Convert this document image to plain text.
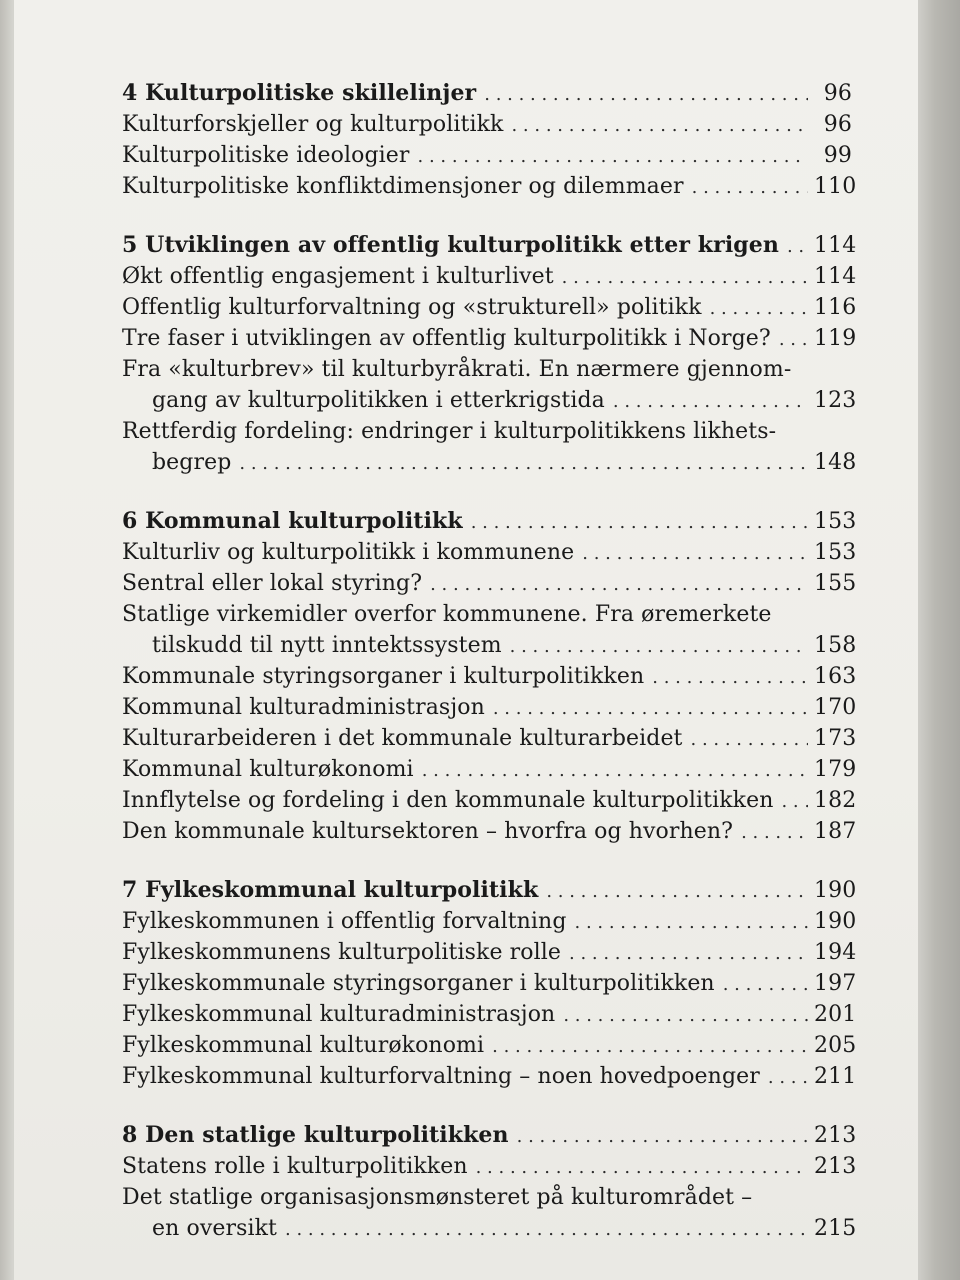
4 Kulturpolitiske skillelinjer . . .	96
Kulturforskjeller og kulturpolitikk . . .	96
Kulturpolitiske ideologier . . .	99
Kulturpolitiske konfliktdimensjoner og dilemmaer . . .	110
5 Utviklingen av offentlig kulturpolitikk etter krigen . . .	114
Økt offentlig engasjement i kulturlivet . . .	114
Offentlig kulturforvaltning og «strukturell» politikk . . .	116
Tre faser i utviklingen av offentlig kulturpolitikk i Norge? . . .	119
Fra «kulturbrev» til kulturbyråkrati. En nærmere gjennom-
gang av kulturpolitikken i etterkrigstida . . .	123
Rettferdig fordeling: endringer i kulturpolitikkens likhets-
begrep . . .	148
6 Kommunal kulturpolitikk . . .	153
Kulturliv og kulturpolitikk i kommunene . . .	153
Sentral eller lokal styring? . . .	155
Statlige virkemidler overfor kommunene. Fra øremerkete
tilskudd til nytt inntektssystem . . .	158
Kommunale styringsorganer i kulturpolitikken . . .	163
Kommunal kulturadministrasjon . . .	170
Kulturarbeideren i det kommunale kulturarbeidet . . .	173
Kommunal kulturøkonomi . . .	179
Innflytelse og fordeling i den kommunale kulturpolitikken . . .	182
Den kommunale kultursektoren – hvorfra og hvorhen? . . .	187
7 Fylkeskommunal kulturpolitikk . . .	190
Fylkeskommunen i offentlig forvaltning . . .	190
Fylkeskommunens kulturpolitiske rolle . . .	194
Fylkeskommunale styringsorganer i kulturpolitikken . . .	197
Fylkeskommunal kulturadministrasjon . . .	201
Fylkeskommunal kulturøkonomi . . .	205
Fylkeskommunal kulturforvaltning – noen hovedpoenger . . .	211
8 Den statlige kulturpolitikken . . .	213
Statens rolle i kulturpolitikken . . .	213
Det statlige organisasjonsmønsteret på kulturområdet –
en oversikt . . .	215
